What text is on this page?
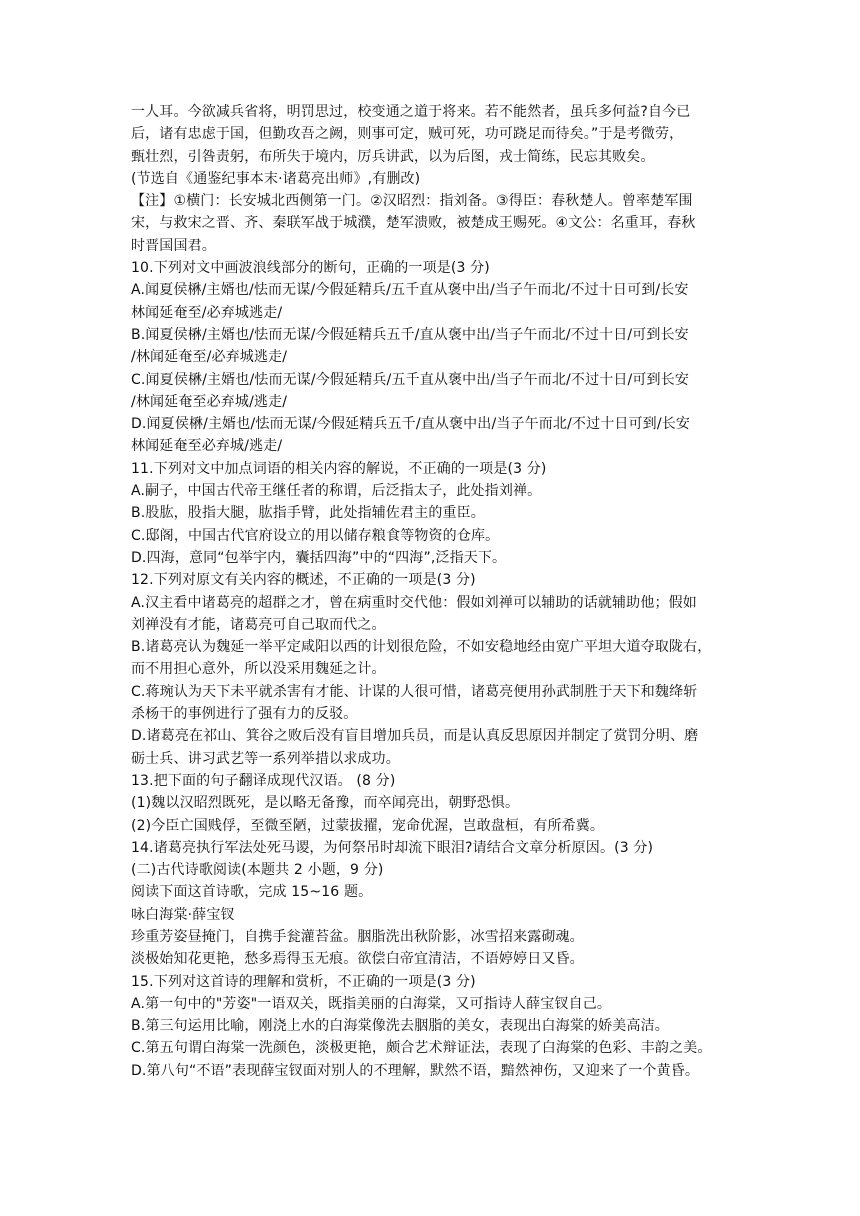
一人耳。今欲减兵省将，明罚思过，校变通之道于将来。若不能然者，虽兵多何益?自今已
后，诸有忠虑于国，但勤攻吾之阙，则事可定，贼可死，功可跷足而待矣。”于是考微劳，
甄壮烈，引咎责躬，布所失于境内，厉兵讲武，以为后图，戎士简练，民忘其败矣。
(节选自《通鉴纪事本末·诸葛亮出师》,有删改)
【注】①横门：长安城北西侧第一门。②汉昭烈：指刘备。③得臣：春秋楚人。曾率楚军围
宋，与救宋之晋、齐、秦联军战于城濮，楚军溃败，被楚成王赐死。④文公：名重耳，春秋
时晋国国君。
10.下列对文中画波浪线部分的断句，正确的一项是(3 分)
A.闻夏侯楙/主婿也/怯而无谋/今假延精兵/五千直从褒中出/当子午而北/不过十日可到/长安
林闻延奄至/必弃城逃走/
B.闻夏侯楙/主婿也/怯而无谋/今假延精兵五千/直从褒中出/当子午而北/不过十日/可到长安
/林闻延奄至/必弃城逃走/
C.闻夏侯楙/主婿也/怯而无谋/今假延精兵/五千直从褒中出/当子午而北/不过十日/可到长安
/林闻延奄至必弃城/逃走/
D.闻夏侯楙/主婿也/怯而无谋/今假延精兵五千/直从褒中出/当子午而北/不过十日可到/长安
林闻延奄至必弃城/逃走/
11.下列对文中加点词语的相关内容的解说，不正确的一项是(3 分)
A.嗣子，中国古代帝王继任者的称谓，后泛指太子，此处指刘禅。
B.股肱，股指大腿，肱指手臂，此处指辅佐君主的重臣。
C.邸阁，中国古代官府设立的用以储存粮食等物资的仓库。
D.四海，意同“包举宇内，囊括四海”中的“四海”,泛指天下。
12.下列对原文有关内容的概述，不正确的一项是(3 分)
A.汉主看中诸葛亮的超群之才，曾在病重时交代他：假如刘禅可以辅助的话就辅助他；假如
刘禅没有才能，诸葛亮可自己取而代之。
B.诸葛亮认为魏延一举平定咸阳以西的计划很危险，不如安稳地经由宽广平坦大道夺取陇右，
而不用担心意外，所以没采用魏延之计。
C.蒋琬认为天下未平就杀害有才能、计谋的人很可惜，诸葛亮便用孙武制胜于天下和魏绛斩
杀杨干的事例进行了强有力的反驳。
D.诸葛亮在祁山、箕谷之败后没有盲目增加兵员，而是认真反思原因并制定了赏罚分明、磨
砺士兵、讲习武艺等一系列举措以求成功。
13.把下面的句子翻译成现代汉语。 (8 分)
(1)魏以汉昭烈既死，是以略无备豫，而卒闻亮出，朝野恐惧。
(2)今臣亡国贱俘，至微至陋，过蒙拔擢，宠命优渥，岂敢盘桓，有所希冀。
14.诸葛亮执行军法处死马谡，为何祭吊时却流下眼泪?请结合文章分析原因。(3 分)
(二)古代诗歌阅读(本题共 2 小题，9 分)
阅读下面这首诗歌，完成 15~16 题。
咏白海棠·薛宝钗
珍重芳姿昼掩门，自携手瓮灌苔盆。胭脂洗出秋阶影，冰雪招来露砌魂。
淡极始知花更艳，愁多焉得玉无痕。欲偿白帝宜清洁，不语婷婷日又昏。
15.下列对这首诗的理解和赏析，不正确的一项是(3 分)
A.第一句中的"芳姿"一语双关，既指美丽的白海棠，又可指诗人薛宝钗自己。
B.第三句运用比喻，刚浇上水的白海棠像洗去胭脂的美女，表现出白海棠的娇美高洁。
C.第五句谓白海棠一洗颜色，淡极更艳，颇合艺术辩证法，表现了白海棠的色彩、丰韵之美。
D.第八句“不语”表现薛宝钗面对别人的不理解，默然不语，黯然神伤，又迎来了一个黄昏。
